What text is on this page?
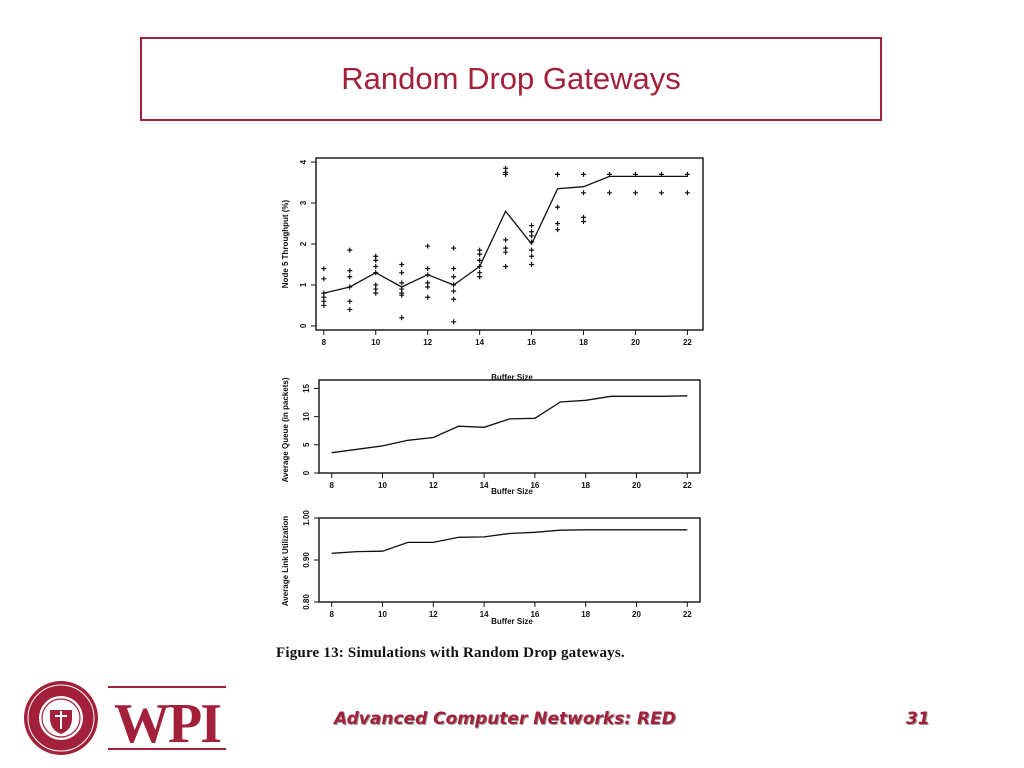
Random Drop Gateways
8	10	12	14	16	18	20	22
0
1
2
3
4
Buffer Size
Node 5 Throughput (%)
8	10	12	14	16	18	20	22
0
5
10
15
Buffer Size
Average Queue (in packets)
8	10	12	14	16	18	20	22
0.80
0.90
1.00
Buffer Size
Average Link Utilization
Figure 13: Simulations with Random Drop gateways.
WPI	Advanced Computer Networks: RED	31
